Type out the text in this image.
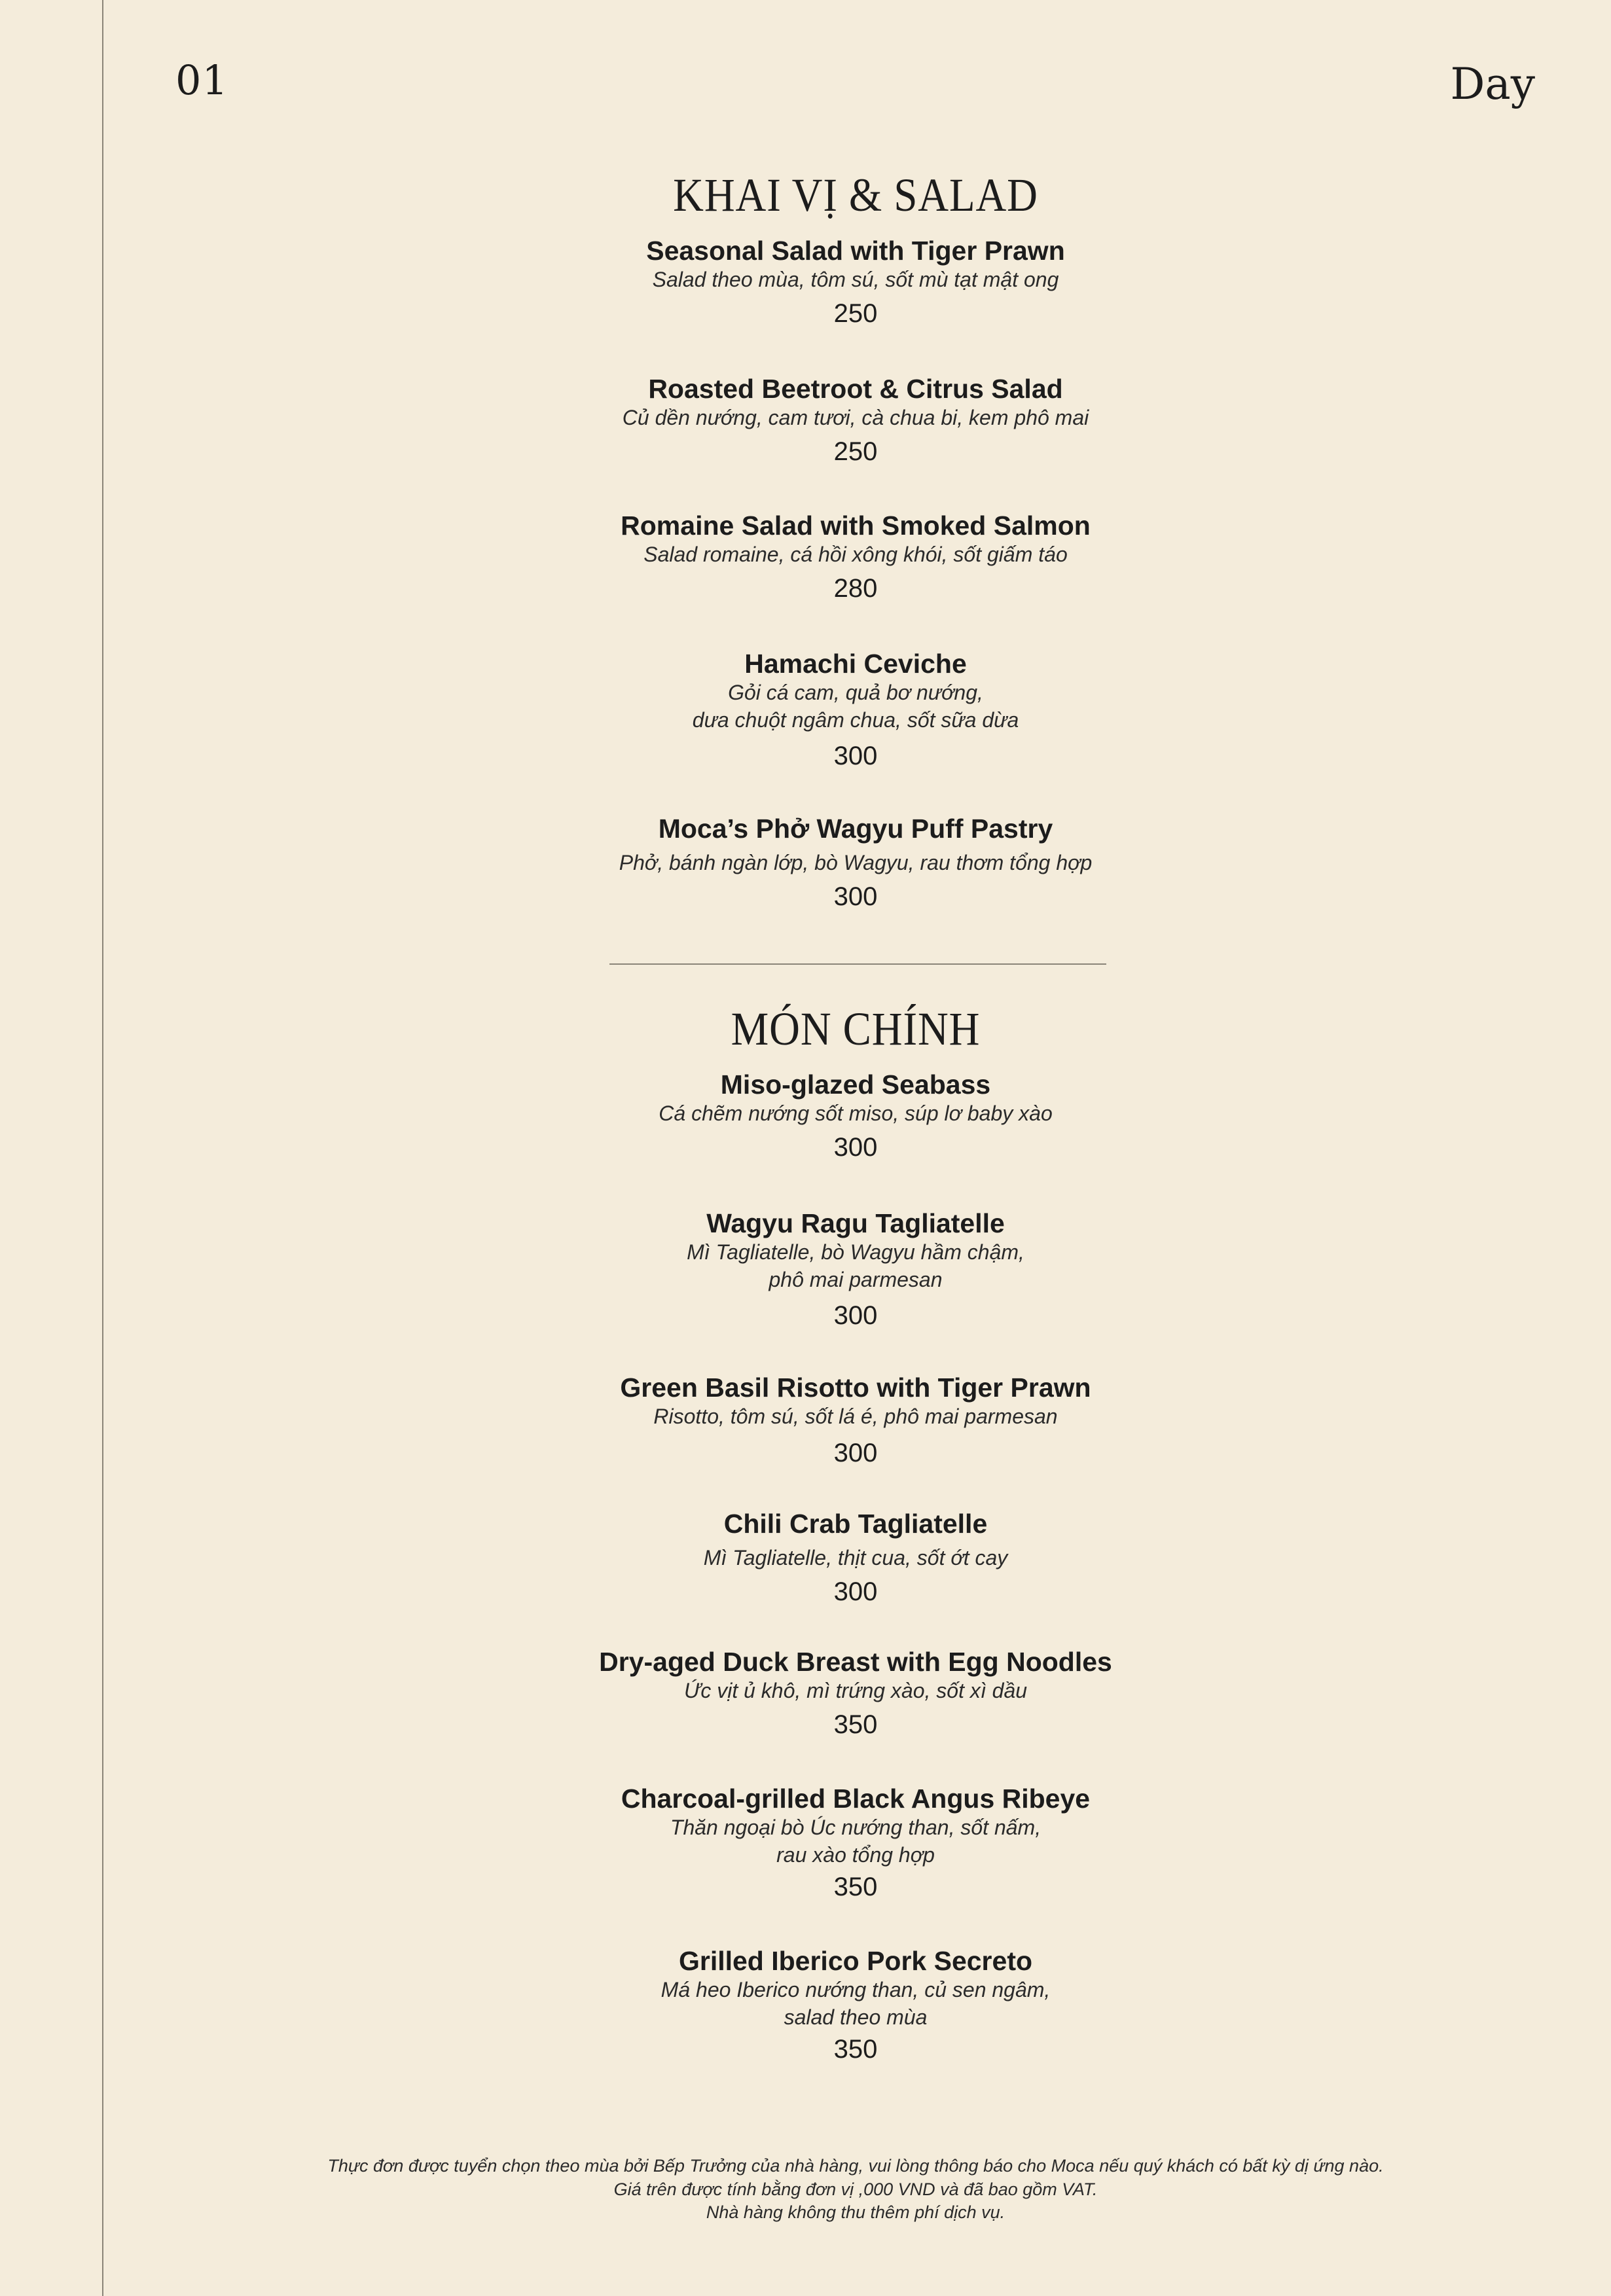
01	Day
KHAI VỊ & SALAD
Seasonal Salad with Tiger Prawn
Salad theo mùa, tôm sú, sốt mù tạt mật ong
250
Roasted Beetroot & Citrus Salad
Củ dền nướng, cam tươi, cà chua bi, kem phô mai
250
Romaine Salad with Smoked Salmon
Salad romaine, cá hồi xông khói, sốt giấm táo
280
Hamachi Ceviche
Gỏi cá cam, quả bơ nướng,
dưa chuột ngâm chua, sốt sữa dừa
300
Moca’s Phở Wagyu Puff Pastry
Phở, bánh ngàn lớp, bò Wagyu, rau thơm tổng hợp
300
MÓN CHÍNH
Miso-glazed Seabass
Cá chẽm nướng sốt miso, súp lơ baby xào
300
Wagyu Ragu Tagliatelle
Mì Tagliatelle, bò Wagyu hầm chậm,
phô mai parmesan
300
Green Basil Risotto with Tiger Prawn
Risotto, tôm sú, sốt lá é, phô mai parmesan
300
Chili Crab Tagliatelle
Mì Tagliatelle, thịt cua, sốt ớt cay
300
Dry-aged Duck Breast with Egg Noodles
Ức vịt ủ khô, mì trứng xào, sốt xì dầu
350
Charcoal-grilled Black Angus Ribeye
Thăn ngoại bò Úc nướng than, sốt nấm,
rau xào tổng hợp
350
Grilled Iberico Pork Secreto
Má heo Iberico nướng than, củ sen ngâm,
salad theo mùa
350
Thực đơn được tuyển chọn theo mùa bởi Bếp Trưởng của nhà hàng, vui lòng thông báo cho Moca nếu quý khách có bất kỳ dị ứng nào.
Giá trên được tính bằng đơn vị ,000 VND và đã bao gồm VAT.
Nhà hàng không thu thêm phí dịch vụ.
